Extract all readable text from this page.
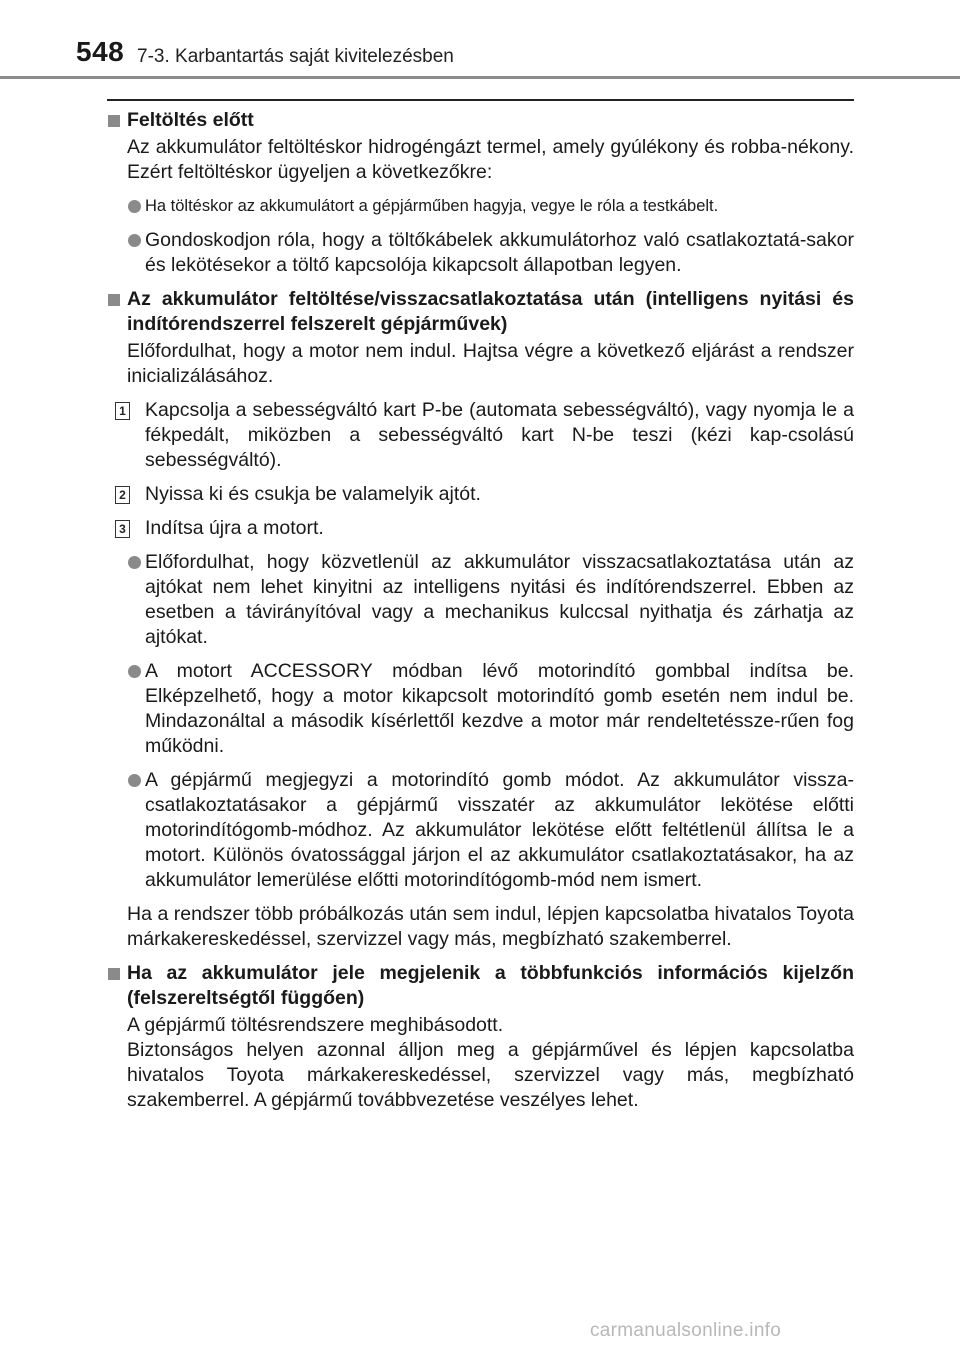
548 7-3. Karbantartás saját kivitelezésben
Feltöltés előtt
Az akkumulátor feltöltéskor hidrogéngázt termel, amely gyúlékony és robba-nékony. Ezért feltöltéskor ügyeljen a következőkre:
Ha töltéskor az akkumulátort a gépjárműben hagyja, vegye le róla a testkábelt.
Gondoskodjon róla, hogy a töltőkábelek akkumulátorhoz való csatlakoztatá-sakor és lekötésekor a töltő kapcsolója kikapcsolt állapotban legyen.
Az akkumulátor feltöltése/visszacsatlakoztatása után (intelligens nyitási és indítórendszerrel felszerelt gépjárművek)
Előfordulhat, hogy a motor nem indul. Hajtsa végre a következő eljárást a rendszer inicializálásához.
1 Kapcsolja a sebességváltó kart P-be (automata sebességváltó), vagy nyomja le a fékpedált, miközben a sebességváltó kart N-be teszi (kézi kap-csolású sebességváltó).
2 Nyissa ki és csukja be valamelyik ajtót.
3 Indítsa újra a motort.
Előfordulhat, hogy közvetlenül az akkumulátor visszacsatlakoztatása után az ajtókat nem lehet kinyitni az intelligens nyitási és indítórendszerrel. Ebben az esetben a távirányítóval vagy a mechanikus kulccsal nyithatja és zárhatja az ajtókat.
A motort ACCESSORY módban lévő motorindító gombbal indítsa be. Elképzelhető, hogy a motor kikapcsolt motorindító gomb esetén nem indul be. Mindazonáltal a második kísérlettől kezdve a motor már rendeltetéssze-rűen fog működni.
A gépjármű megjegyzi a motorindító gomb módot. Az akkumulátor vissza-csatlakoztatásakor a gépjármű visszatér az akkumulátor lekötése előtti motorindítógomb-módhoz. Az akkumulátor lekötése előtt feltétlenül állítsa le a motort. Különös óvatossággal járjon el az akkumulátor csatlakoztatásakor, ha az akkumulátor lemerülése előtti motorindítógomb-mód nem ismert.
Ha a rendszer több próbálkozás után sem indul, lépjen kapcsolatba hivatalos Toyota márkakereskedéssel, szervizzel vagy más, megbízható szakemberrel.
Ha az akkumulátor jele megjelenik a többfunkciós információs kijelzőn (felszereltségtől függően)
A gépjármű töltésrendszere meghibásodott.
Biztonságos helyen azonnal álljon meg a gépjárművel és lépjen kapcsolatba hivatalos Toyota márkakereskedéssel, szervizzel vagy más, megbízható szakemberrel. A gépjármű továbbvezetése veszélyes lehet.
carmanualsonline.info
